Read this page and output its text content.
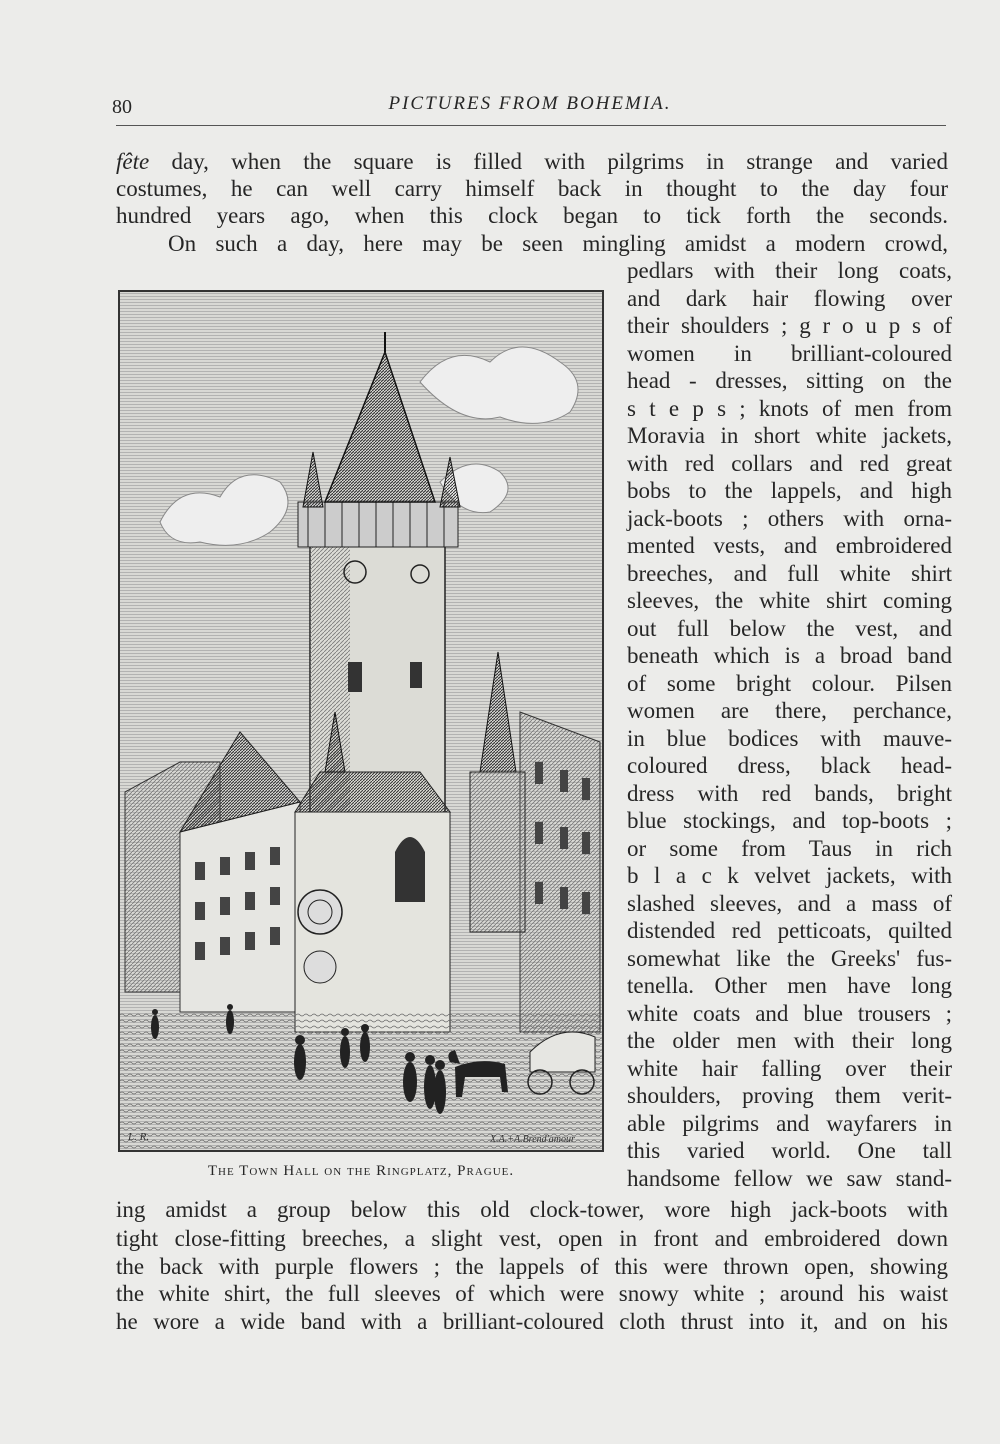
80	PICTURES FROM BOHEMIA.
fête day, when the square is filled with pilgrims in strange and varied
costumes, he can well carry himself back in thought to the day four
hundred years ago, when this clock began to tick forth the seconds.
On such a day, here may be seen mingling amidst a modern crowd,
pedlars with their long coats,
and dark hair flowing over
their shoulders ; g r o u p s of
women in brilliant-coloured
head - dresses, sitting on the
s t e p s ; knots of men from
Moravia in short white jackets,
with red collars and red great
bobs to the lappels, and high
jack-boots ; others with orna-
mented vests, and embroidered
breeches, and full white shirt
sleeves, the white shirt coming
out full below the vest, and
beneath which is a broad band
of some bright colour. Pilsen
women are there, perchance,
in blue bodices with mauve-
coloured dress, black head-
dress with red bands, bright
blue stockings, and top-boots ;
or some from Taus in rich
b l a c k velvet jackets, with
slashed sleeves, and a mass of
distended red petticoats, quilted
somewhat like the Greeks' fus-
tenella. Other men have long
white coats and blue trousers ;
the older men with their long
white hair falling over their
shoulders, proving them verit-
able pilgrims and wayfarers in
this varied world. One tall
handsome fellow we saw stand-
ing amidst a group below this old clock-tower, wore high jack-boots with
tight close-fitting breeches, a slight vest, open in front and embroidered down
the back with purple flowers ; the lappels of this were thrown open, showing
the white shirt, the full sleeves of which were snowy white ; around his waist
he wore a wide band with a brilliant-coloured cloth thrust into it, and on his
L. R.	X.A.+A.Brend'amour
The Town Hall on the Ringplatz, Prague.
